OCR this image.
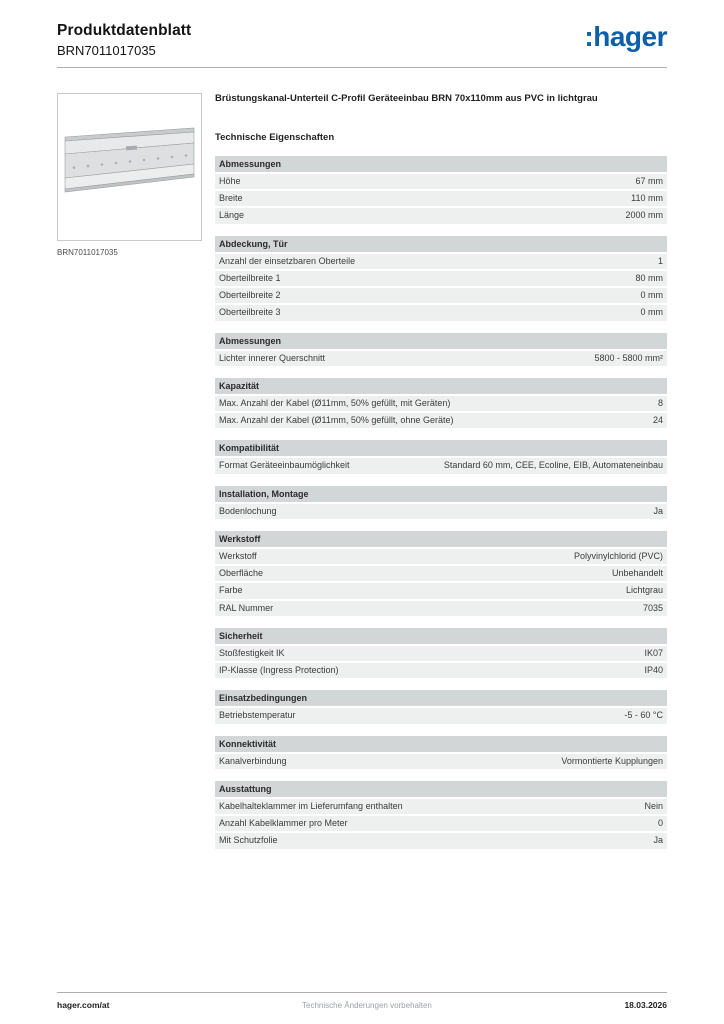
Produktdatenblatt
BRN7011017035	:hager
BRN7011017035
Brüstungskanal-Unterteil C-Profil Geräteeinbau BRN 70x110mm aus PVC in lichtgrau
Technische Eigenschaften
Abmessungen
Höhe	67 mm
Breite	110 mm
Länge	2000 mm
Abdeckung, Tür
Anzahl der einsetzbaren Oberteile	1
Oberteilbreite 1	80 mm
Oberteilbreite 2	0 mm
Oberteilbreite 3	0 mm
Abmessungen
Lichter innerer Querschnitt	5800 - 5800 mm²
Kapazität
Max. Anzahl der Kabel (Ø11mm, 50% gefüllt, mit Geräten)	8
Max. Anzahl der Kabel (Ø11mm, 50% gefüllt, ohne Geräte)	24
Kompatibilität
Format Geräteeinbaumöglichkeit	Standard 60 mm, CEE, Ecoline, EIB, Automateneinbau
Installation, Montage
Bodenlochung	Ja
Werkstoff
Werkstoff	Polyvinylchlorid (PVC)
Oberfläche	Unbehandelt
Farbe	Lichtgrau
RAL Nummer	7035
Sicherheit
Stoßfestigkeit IK	IK07
IP-Klasse (Ingress Protection)	IP40
Einsatzbedingungen
Betriebstemperatur	-5 - 60 °C
Konnektivität
Kanalverbindung	Vormontierte Kupplungen
Ausstattung
Kabelhalteklammer im Lieferumfang enthalten	Nein
Anzahl Kabelklammer pro Meter	0
Mit Schutzfolie	Ja
hager.com/at	Technische Änderungen vorbehalten	18.03.2026
